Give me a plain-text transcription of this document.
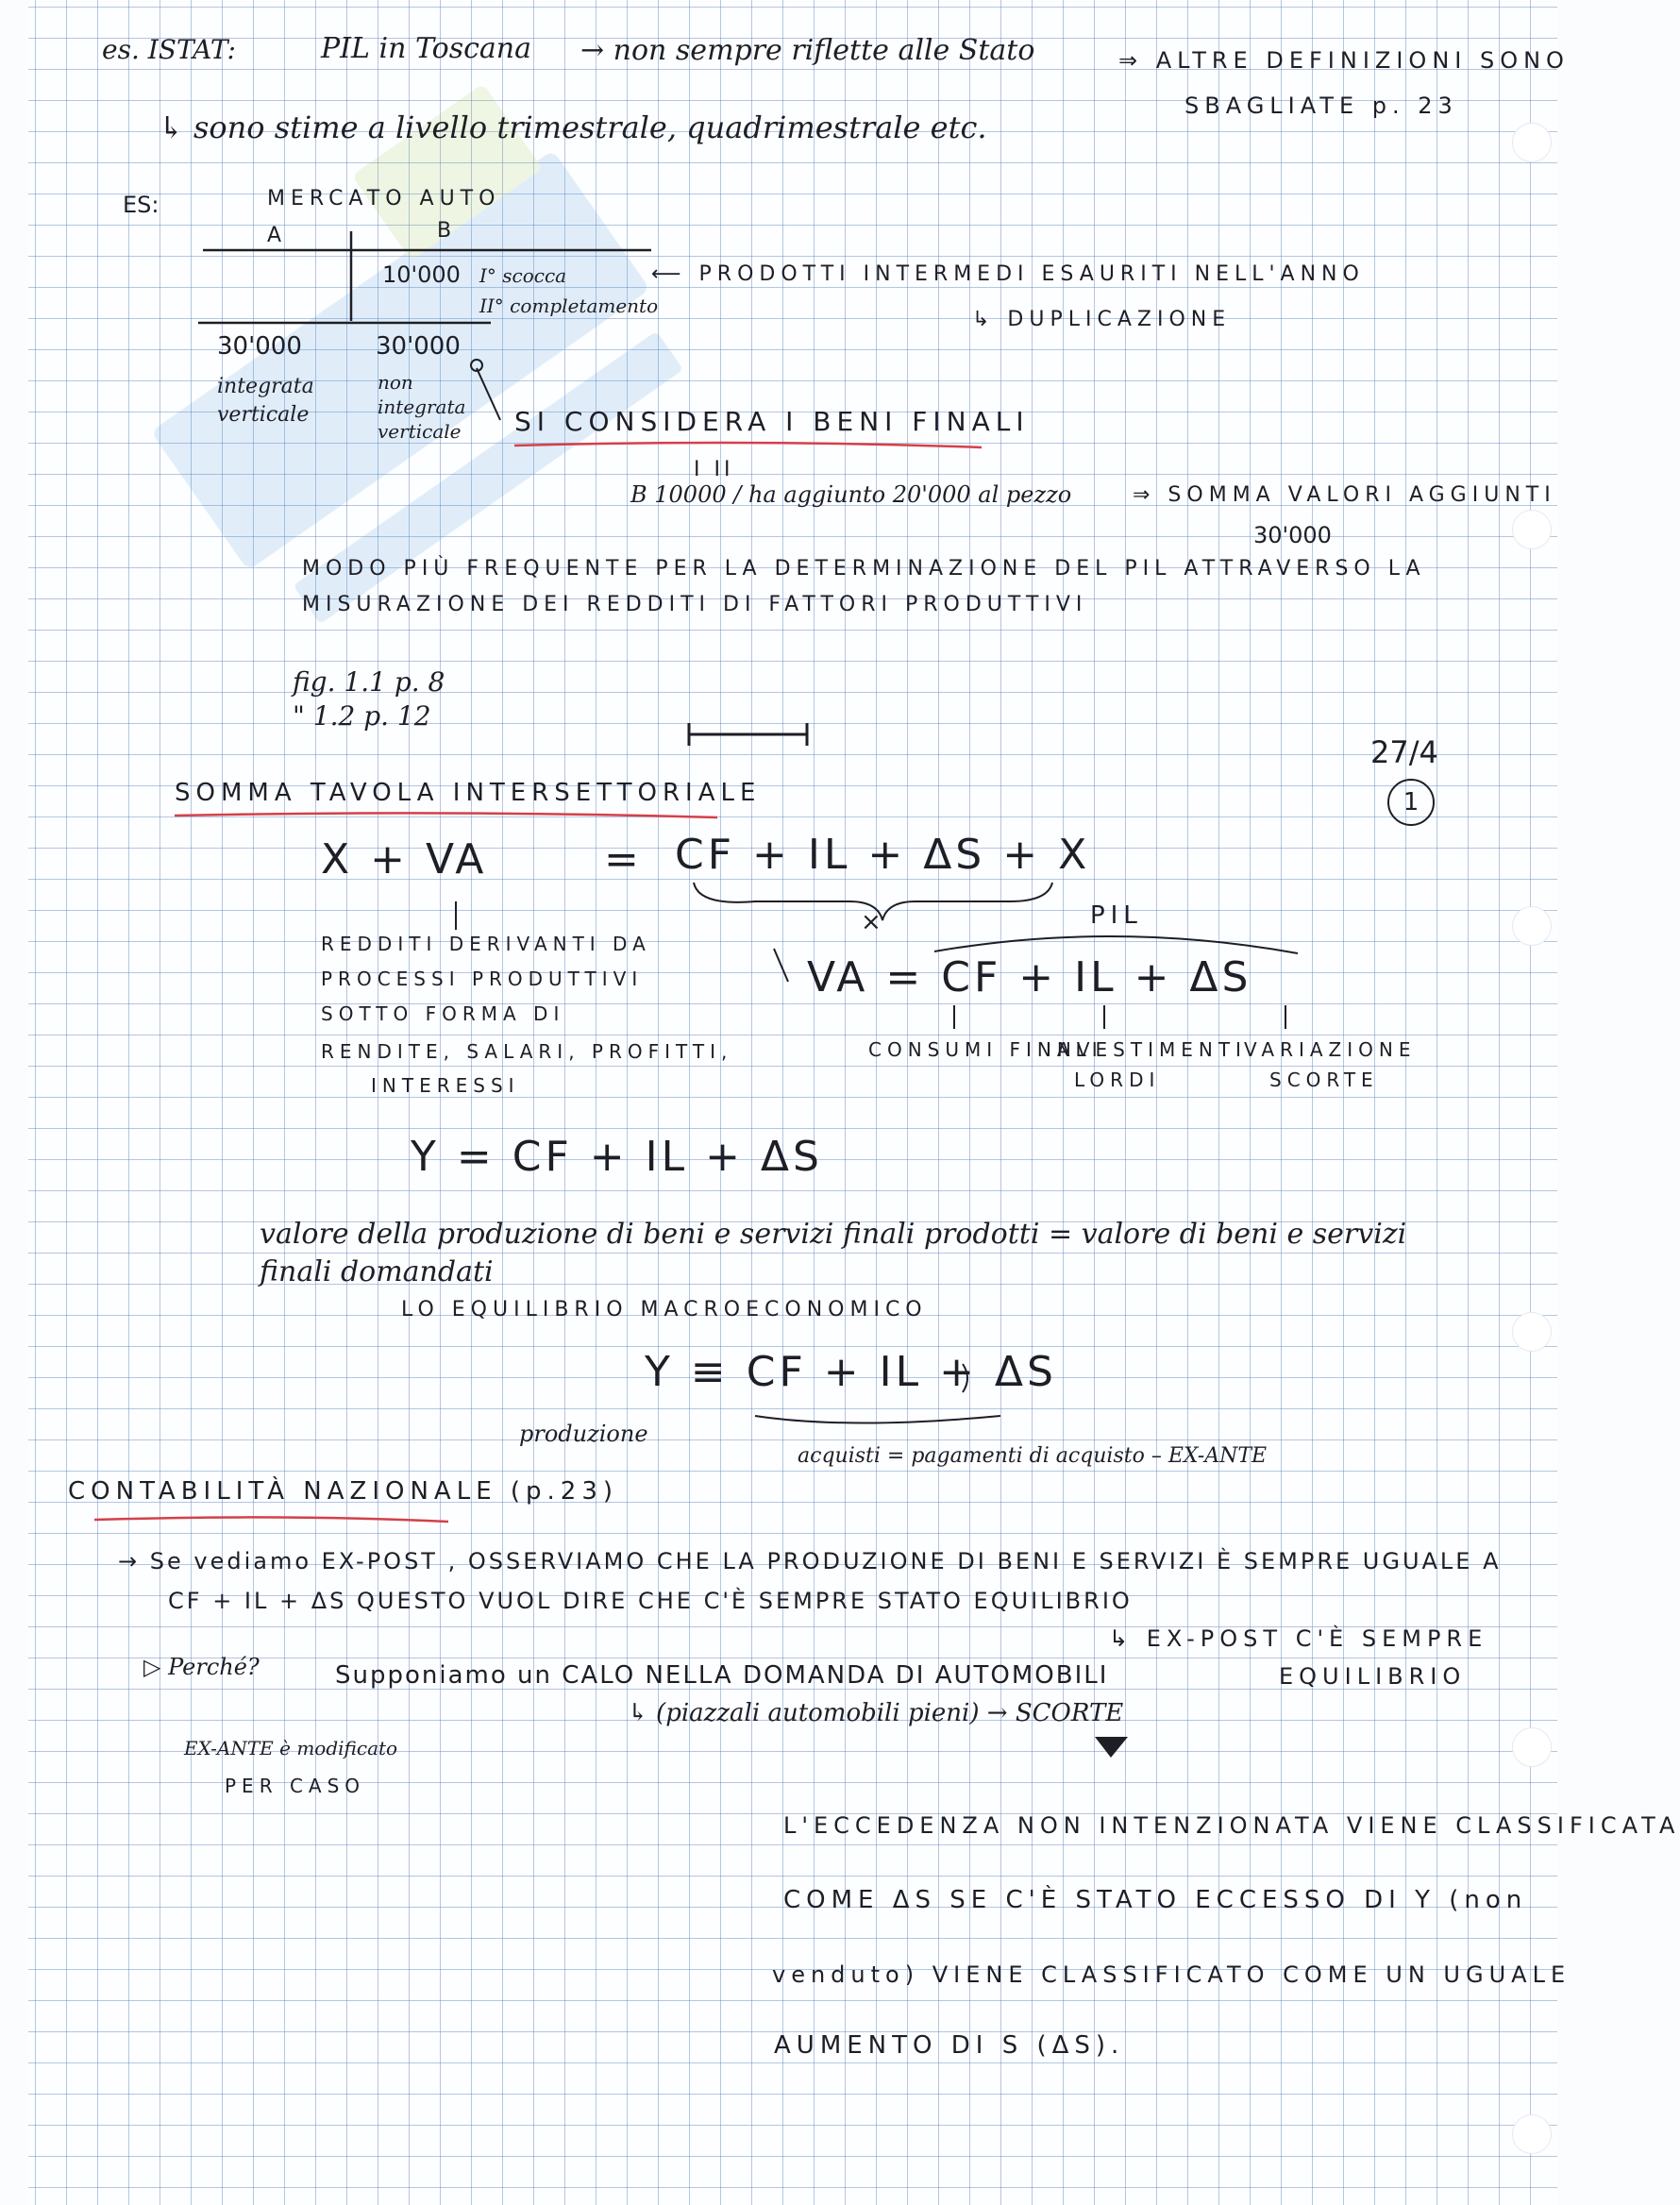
es. ISTAT:	PIL in Toscana → non sempre riflette alle Stato	⇒ ALTRE DEFINIZIONI SONO
SBAGLIATE p. 23
↳ sono stime a livello trimestrale, quadrimestrale etc.
ES:	MERCATO AUTO
A	B
10'000 I° scocca
II° completamento
⟵ PRODOTTI INTERMEDI ESAURITI NELL'ANNO
↳ DUPLICAZIONE
30'000
integrata verticale
30'000
non integrata verticale	SI CONSIDERA I BENI FINALI
I II
B 10000 / ha aggiunto 20'000 al pezzo	⇒ SOMMA VALORI AGGIUNTI
30'000
MODO PIÙ FREQUENTE PER LA DETERMINAZIONE DEL PIL ATTRAVERSO LA
MISURAZIONE DEI REDDITI DI FATTORI PRODUTTIVI
fig. 1.1 p. 8
" 1.2 p. 12
27/4
1
SOMMA TAVOLA INTERSETTORIALE
X + VA	= CF + IL + ΔS + X
×	PIL
VA = CF + IL + ΔS
REDDITI DERIVANTI DA
PROCESSI PRODUTTIVI
SOTTO FORMA DI
RENDITE, SALARI, PROFITTI,
INTERESSI
CONSUMI FINALI
INVESTIMENTI
LORDI
VARIAZIONE
SCORTE
Y = CF + IL + ΔS
valore della produzione di beni e servizi finali prodotti = valore di beni e servizi
finali domandati
LO EQUILIBRIO MACROECONOMICO
Y ≡ CF + IL + ΔS
produzione
acquisti = pagamenti di acquisto – EX-ANTE
CONTABILITÀ NAZIONALE (p.23)
→ Se vediamo EX-POST , OSSERVIAMO CHE LA PRODUZIONE DI BENI E SERVIZI È SEMPRE UGUALE A
CF + IL + ΔS QUESTO VUOL DIRE CHE C'È SEMPRE STATO EQUILIBRIO
↳ EX-POST C'È SEMPRE
EQUILIBRIO
▷ Perché?	Supponiamo un CALO NELLA DOMANDA DI AUTOMOBILI
↳ (piazzali automobili pieni) → SCORTE
EX-ANTE è modificato
PER CASO
L'ECCEDENZA NON INTENZIONATA VIENE CLASSIFICATA
COME ΔS SE C'È STATO ECCESSO DI Y (non
venduto) VIENE CLASSIFICATO COME UN UGUALE
AUMENTO DI S (ΔS).
